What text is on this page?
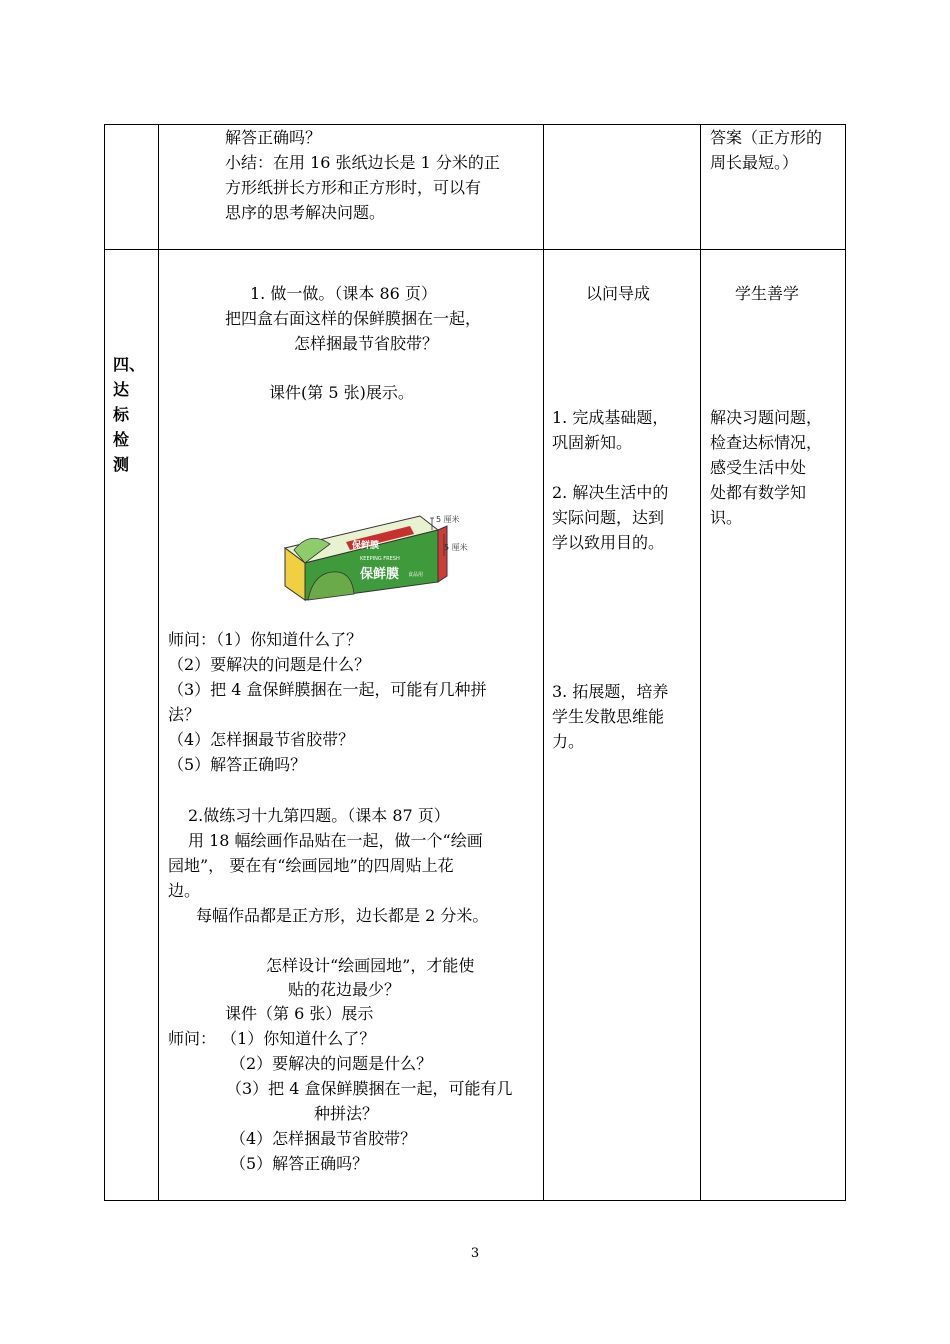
解答正确吗？
小结：在用 16 张纸边长是 1 分米的正
方形纸拼长方形和正方形时，可以有
思序的思考解决问题。
答案（正方形的
周长最短。）
四、
达
标
检
测
1. 做一做。（课本 86 页）
把四盒右面这样的保鲜膜捆在一起，
怎样捆最节省胶带？
课件(第 5 张)展示。
保鲜膜
KEEPING FRESH
保鲜膜 食品用
5 厘米
5 厘米
师问：（1）你知道什么了？
（2）要解决的问题是什么？
（3）把 4 盒保鲜膜捆在一起，可能有几种拼
法？
（4）怎样捆最节省胶带？
（5）解答正确吗？
2.做练习十九第四题。（课本 87 页）
用 18 幅绘画作品贴在一起，做一个“绘画
园地”， 要在有“绘画园地”的四周贴上花
边。
每幅作品都是正方形，边长都是 2 分米。
怎样设计“绘画园地”，才能使
贴的花边最少？
课件（第 6 张）展示
师问： （1）你知道什么了？
（2）要解决的问题是什么？
（3）把 4 盒保鲜膜捆在一起，可能有几
种拼法？
（4）怎样捆最节省胶带？
（5）解答正确吗？
以问导成
1. 完成基础题，
巩固新知。
2. 解决生活中的
实际问题，达到
学以致用目的。
3. 拓展题，培养
学生发散思维能
力。
学生善学
解决习题问题，
检查达标情况，
感受生活中处
处都有数学知
识。
3
